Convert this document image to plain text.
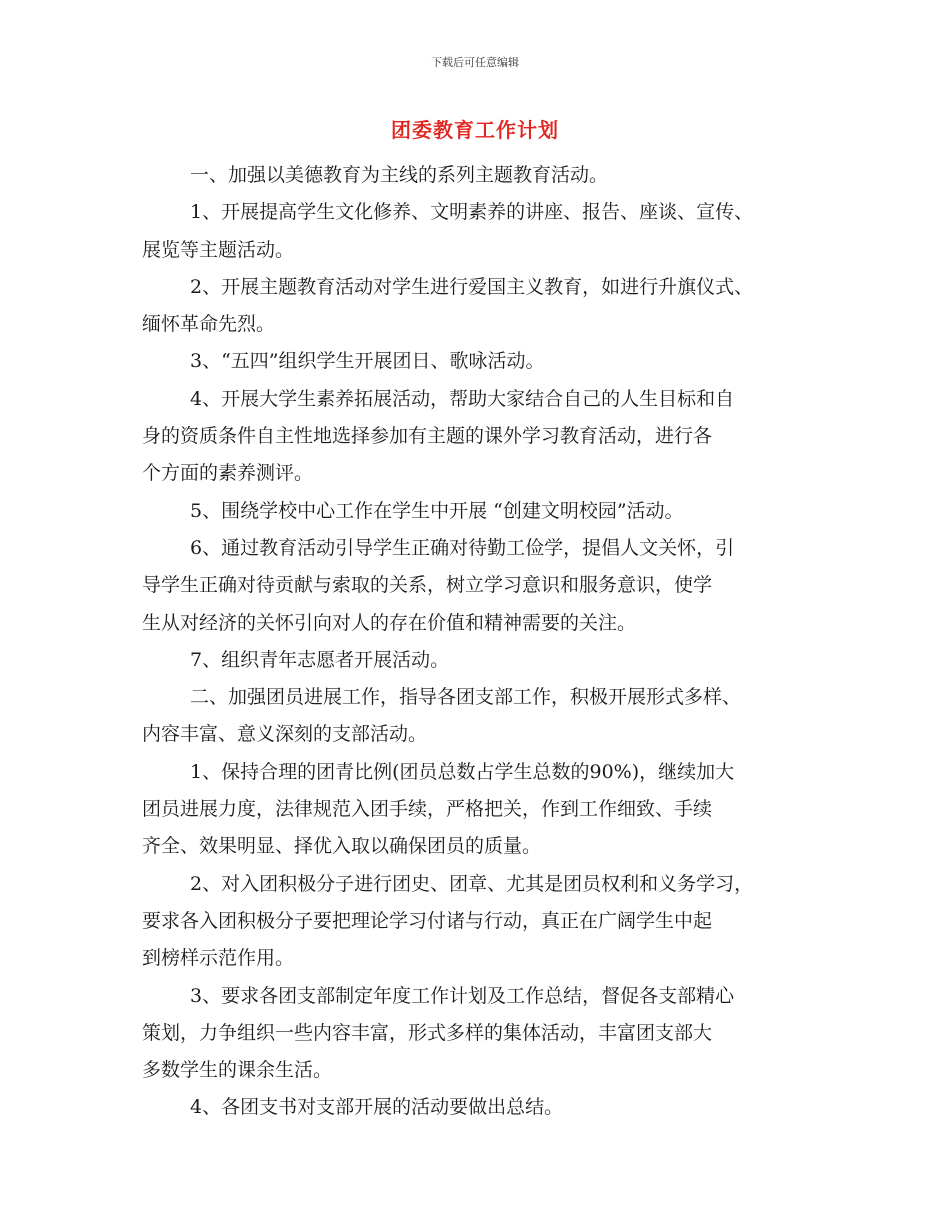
下载后可任意编辑
团委教育工作计划
一、加强以美德教育为主线的系列主题教育活动。
1、开展提高学生文化修养、文明素养的讲座、报告、座谈、宣传、
展览等主题活动。
2、开展主题教育活动对学生进行爱国主义教育，如进行升旗仪式、
缅怀革命先烈。
3、“五四”组织学生开展团日、歌咏活动。
4、开展大学生素养拓展活动，帮助大家结合自己的人生目标和自
身的资质条件自主性地选择参加有主题的课外学习教育活动，进行各
个方面的素养测评。
5、围绕学校中心工作在学生中开展 “创建文明校园”活动。
6、通过教育活动引导学生正确对待勤工俭学，提倡人文关怀，引
导学生正确对待贡献与索取的关系，树立学习意识和服务意识，使学
生从对经济的关怀引向对人的存在价值和精神需要的关注。
7、组织青年志愿者开展活动。
二、加强团员进展工作，指导各团支部工作，积极开展形式多样、
内容丰富、意义深刻的支部活动。
1、保持合理的团青比例(团员总数占学生总数的90%)，继续加大
团员进展力度，法律规范入团手续，严格把关，作到工作细致、手续
齐全、效果明显、择优入取以确保团员的质量。
2、对入团积极分子进行团史、团章、尤其是团员权利和义务学习，
要求各入团积极分子要把理论学习付诸与行动，真正在广阔学生中起
到榜样示范作用。
3、要求各团支部制定年度工作计划及工作总结，督促各支部精心
策划，力争组织一些内容丰富，形式多样的集体活动，丰富团支部大
多数学生的课余生活。
4、各团支书对支部开展的活动要做出总结。
